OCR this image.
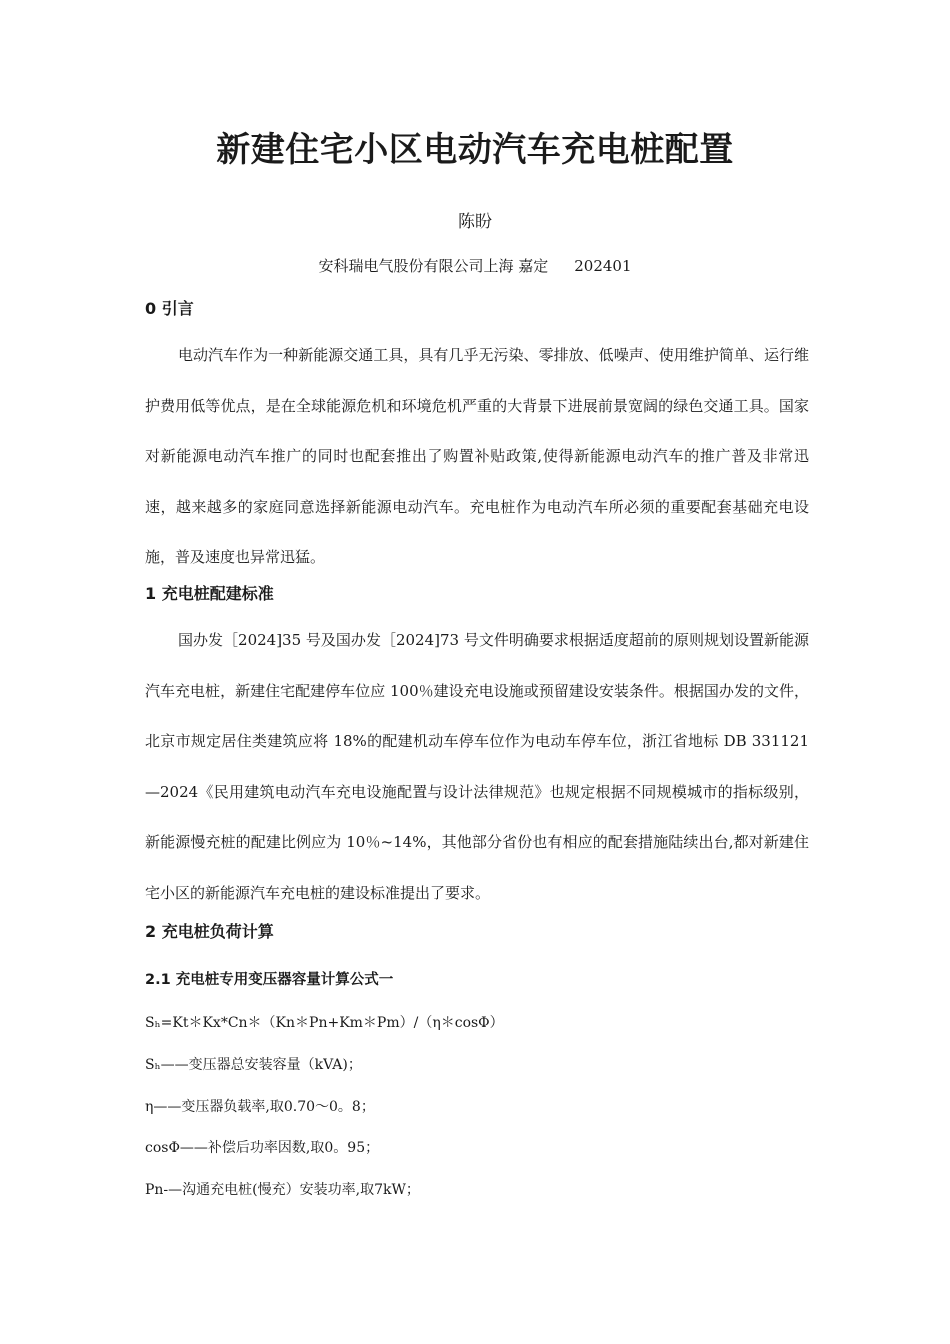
新建住宅小区电动汽车充电桩配置
陈盼
安科瑞电气股份有限公司上海 嘉定 202401
0 引言

电动汽车作为一种新能源交通工具，具有几乎无污染、零排放、低噪声、使用维护简单、运行维护费用低等优点，是在全球能源危机和环境危机严重的大背景下进展前景宽阔的绿色交通工具。国家对新能源电动汽车推广的同时也配套推出了购置补贴政策,使得新能源电动汽车的推广普及非常迅速，越来越多的家庭同意选择新能源电动汽车。充电桩作为电动汽车所必须的重要配套基础充电设施，普及速度也异常迅猛。

1 充电桩配建标准

国办发［2024]35 号及国办发［2024]73 号文件明确要求根据适度超前的原则规划设置新能源汽车充电桩，新建住宅配建停车位应 100％建设充电设施或预留建设安装条件。根据国办发的文件，北京市规定居住类建筑应将 18%的配建机动车停车位作为电动车停车位，浙江省地标 DB 331121—2024《民用建筑电动汽车充电设施配置与设计法律规范》也规定根据不同规模城市的指标级别，新能源慢充桩的配建比例应为 10％~14%，其他部分省份也有相应的配套措施陆续出台,都对新建住宅小区的新能源汽车充电桩的建设标准提出了要求。

2 充电桩负荷计算
2.1 充电桩专用变压器容量计算公式一
Sₕ=Kt＊Kx*Cn＊（Kn＊Pn+Km＊Pm）/（η＊cosΦ）
Sₕ——变压器总安装容量（kVA)；
η——变压器负载率,取0.70～0。8；
cosΦ——补偿后功率因数,取0。95；
Pn-—沟通充电桩(慢充）安装功率,取7kW；
